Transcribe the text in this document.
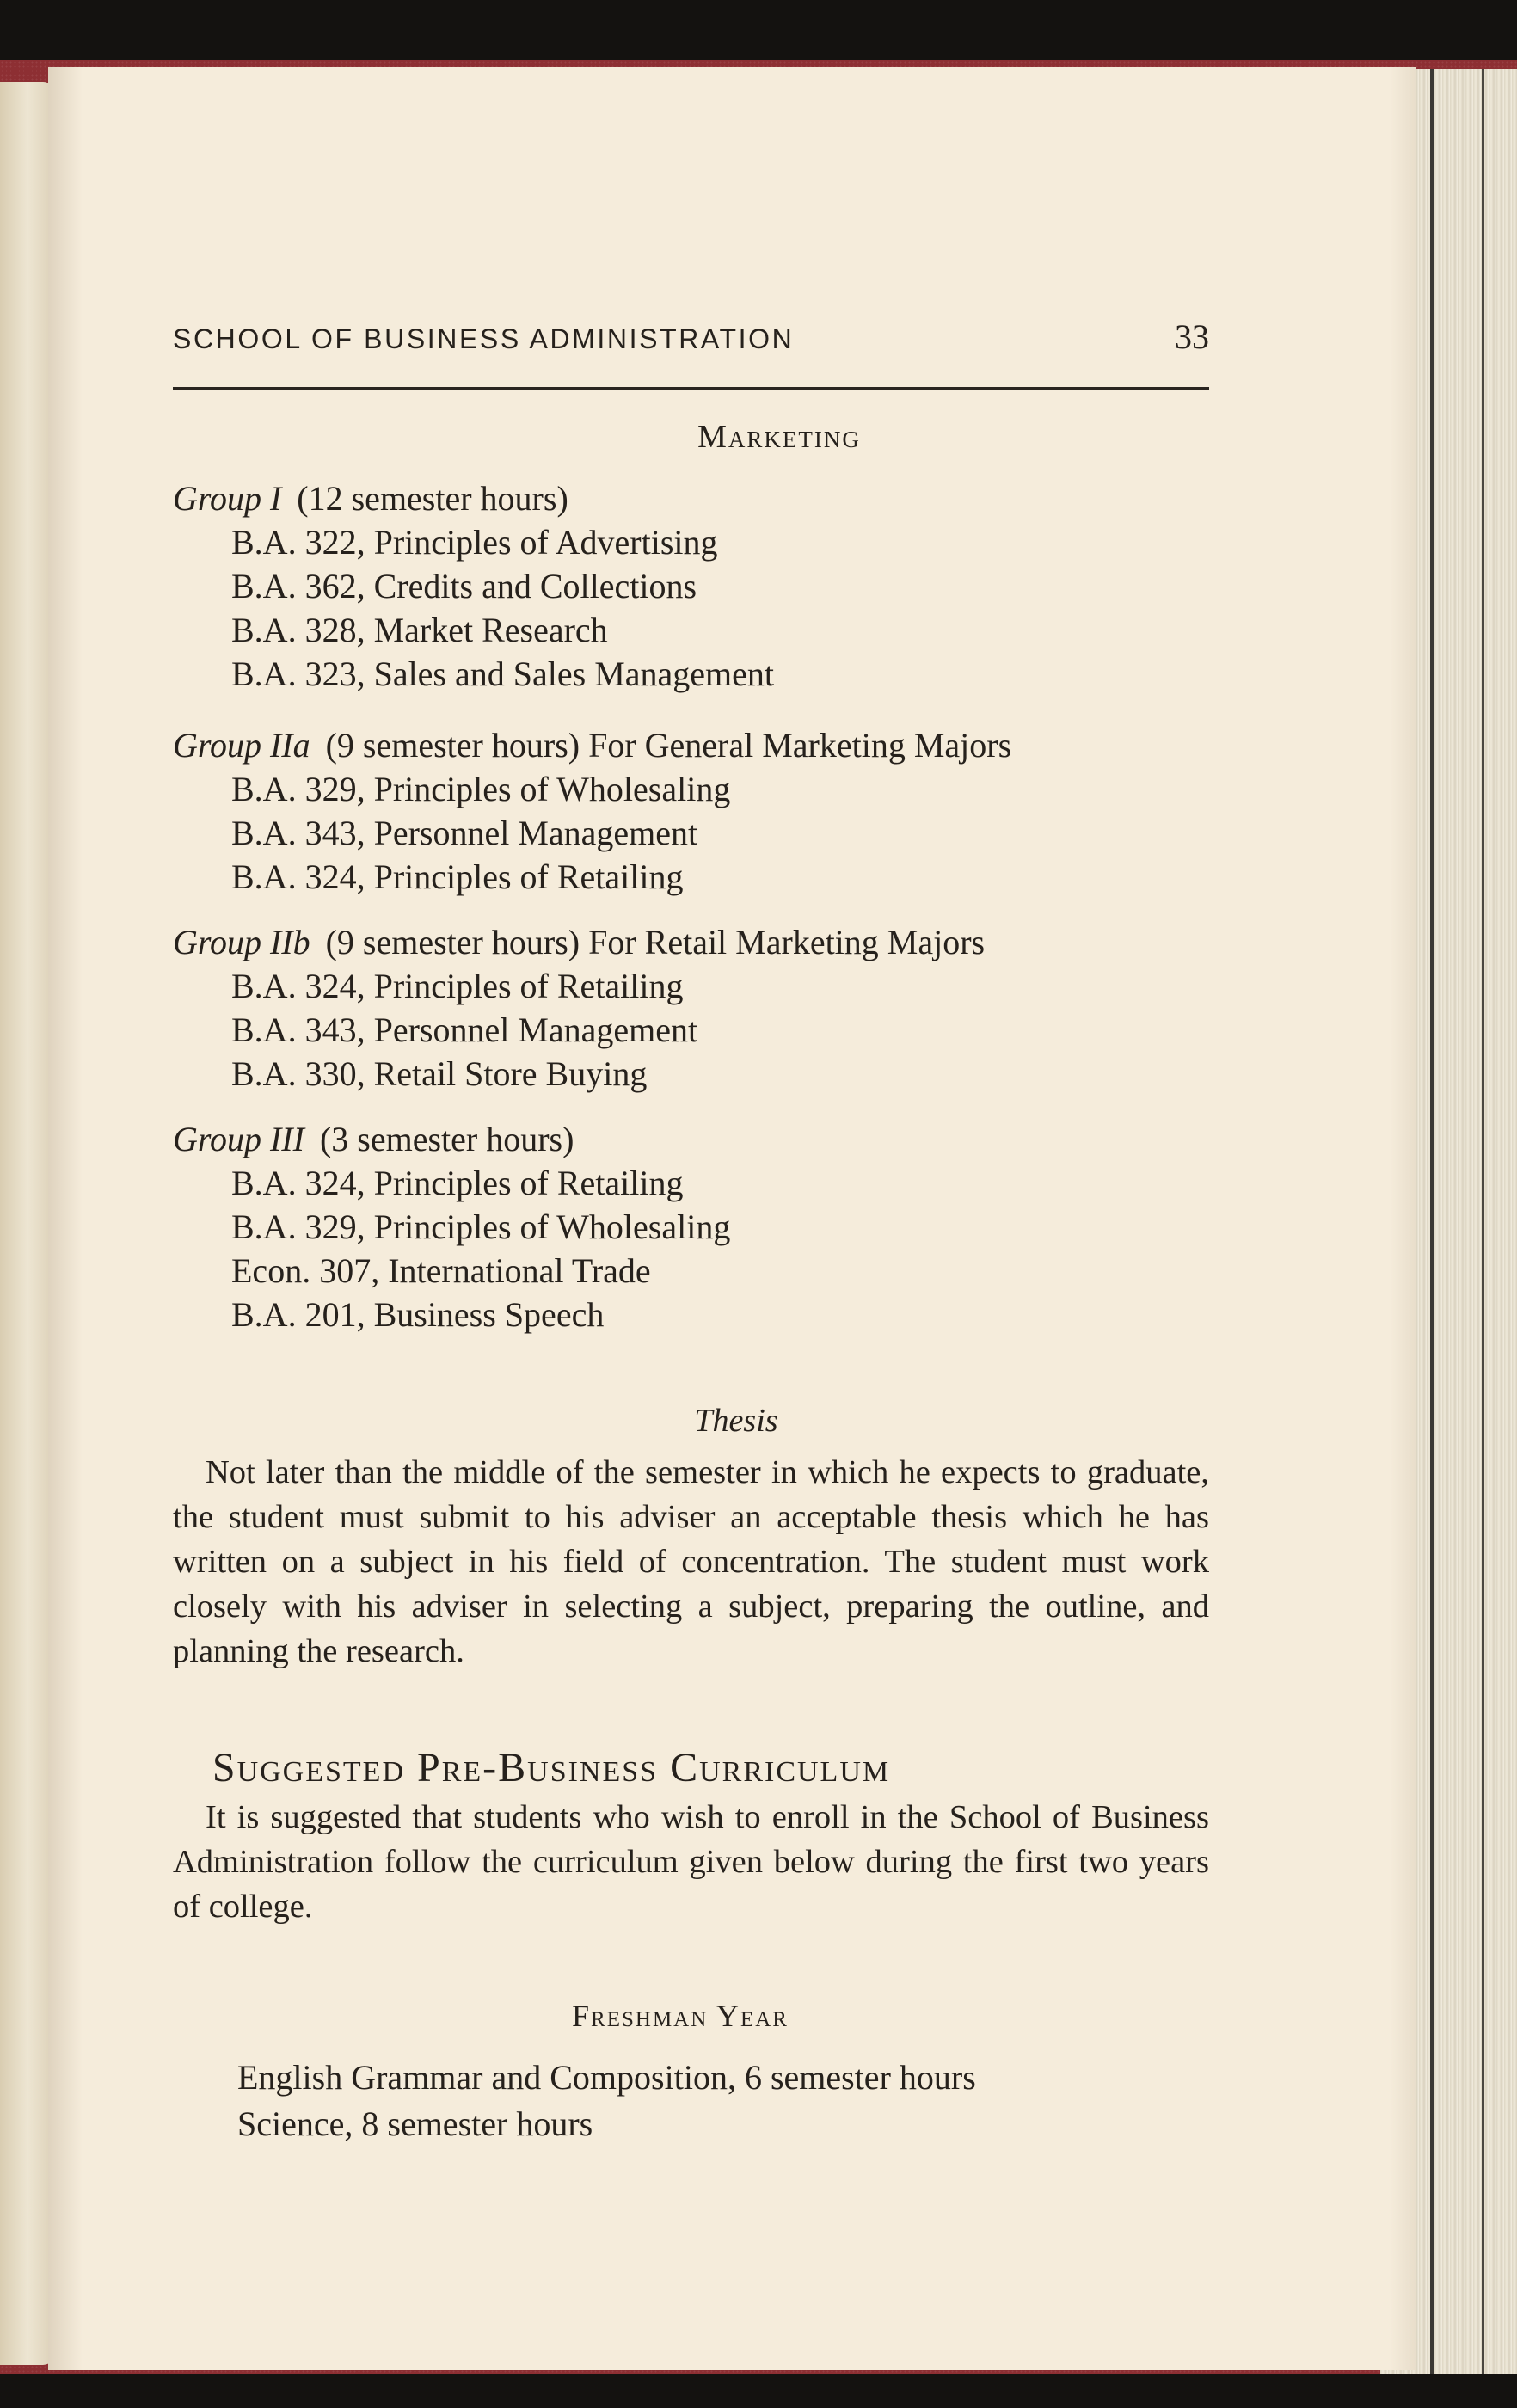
SCHOOL OF BUSINESS ADMINISTRATION	33
Marketing
Group I (12 semester hours)
B.A. 322, Principles of Advertising
B.A. 362, Credits and Collections
B.A. 328, Market Research
B.A. 323, Sales and Sales Management
Group IIa (9 semester hours) For General Marketing Majors
B.A. 329, Principles of Wholesaling
B.A. 343, Personnel Management
B.A. 324, Principles of Retailing
Group IIb (9 semester hours) For Retail Marketing Majors
B.A. 324, Principles of Retailing
B.A. 343, Personnel Management
B.A. 330, Retail Store Buying
Group III (3 semester hours)
B.A. 324, Principles of Retailing
B.A. 329, Principles of Wholesaling
Econ. 307, International Trade
B.A. 201, Business Speech
Thesis
Not later than the middle of the semester in which he expects to graduate, the student must submit to his adviser an acceptable thesis which he has written on a subject in his field of concentration. The student must work closely with his adviser in selecting a subject, preparing the outline, and planning the research.
Suggested Pre-Business Curriculum
It is suggested that students who wish to enroll in the School of Business Administration follow the curriculum given below during the first two years of college.
Freshman Year
English Grammar and Composition, 6 semester hours
Science, 8 semester hours
